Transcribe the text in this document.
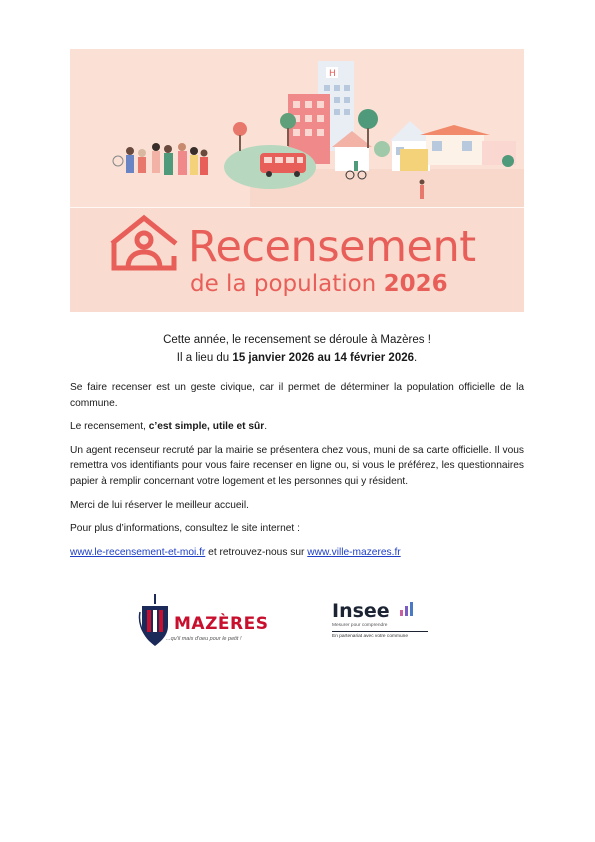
H
Recensement
de la population 2026
Cette année, le recensement se déroule à Mazères !
Il a lieu du 15 janvier 2026 au 14 février 2026.

Se faire recenser est un geste civique, car il permet de déterminer la population officielle de la commune.

Le recensement, c’est simple, utile et sûr.

Un agent recenseur recruté par la mairie se présentera chez vous, muni de sa carte officielle. Il vous remettra vos identifiants pour vous faire recenser en ligne ou, si vous le préférez, les questionnaires papier à remplir concernant votre logement et les personnes qui y résident.

Merci de lui réserver le meilleur accueil.

Pour plus d’informations, consultez le site internet :

www.le-recensement-et-moi.fr et retrouvez-nous sur www.ville-mazeres.fr

MAZÈRES
...qu'il mais d'oeu pour le petit !
Insee
Mesurer pour comprendre
En partenariat avec votre commune
